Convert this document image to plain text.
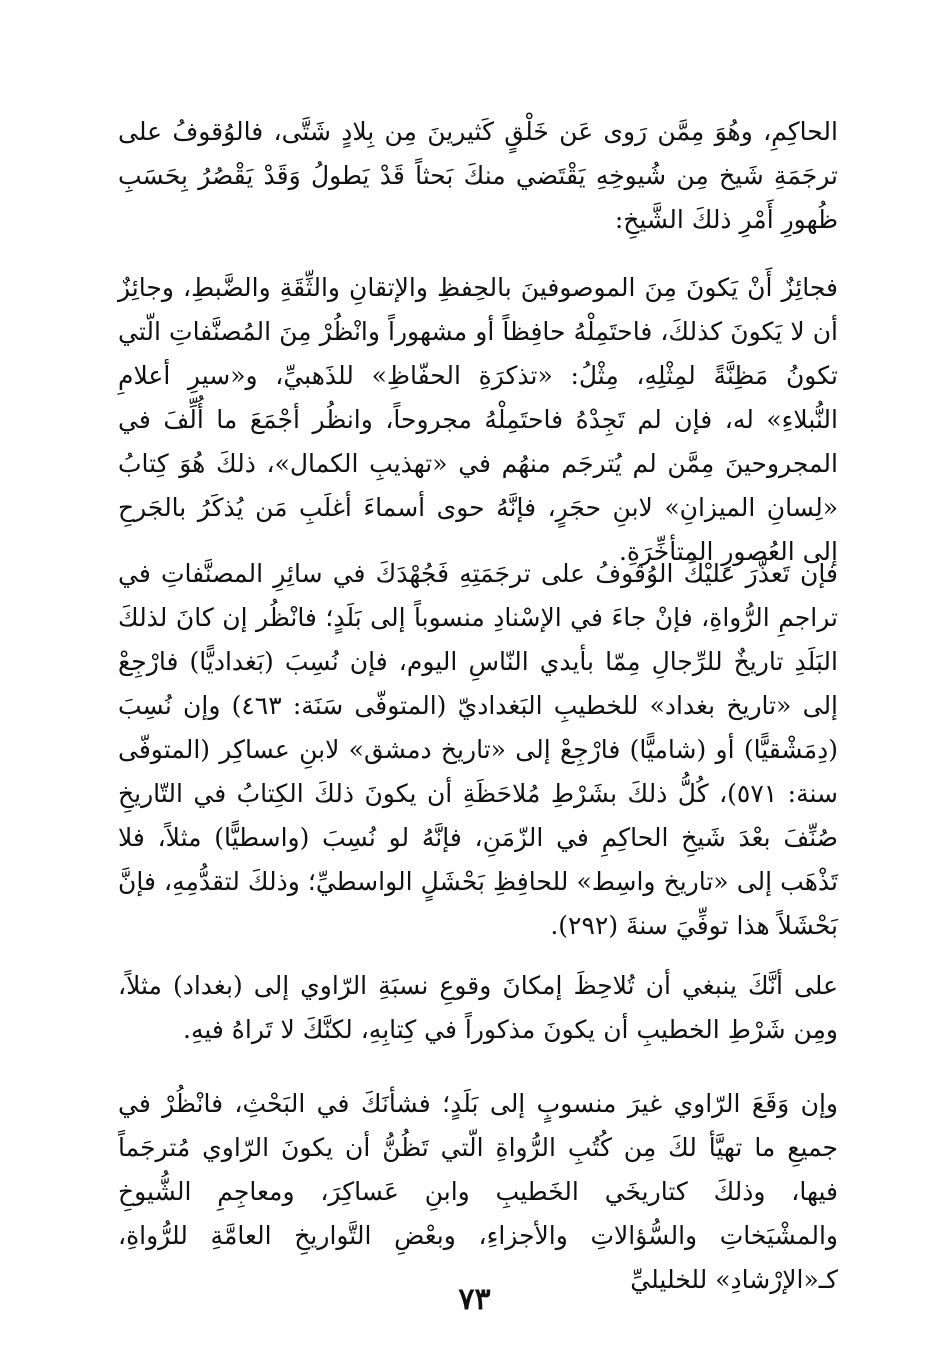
الحاكِمِ، وهُوَ مِمَّن رَوى عَن خَلْقٍ كَثيرينَ مِن بِلادٍ شَتَّى، فالوُقوفُ على ترجَمَةِ شَيخ مِن شُيوخِهِ يَقْتَضي منكَ بَحثاً قَدْ يَطولُ وَقَدْ يَقْصُرُ بِحَسَبِ ظُهورِ أَمْرِ ذلكَ الشَّيخِ:

فجائِزٌ أَنْ يَكونَ مِنَ الموصوفينَ بالحِفظِ والإتقانِ والثِّقَةِ والضَّبطِ، وجائِزٌ أن لا يَكونَ كذلكَ، فاحتَمِلْهُ حافِظاً أو مشهوراً وانْظُرْ مِنَ المُصنَّفاتِ الّتي تكونُ مَظِنَّةً لمِثْلِهِ، مِثْلُ: «تذكرَةِ الحفّاظِ» للذَهبيِّ، و«سيرِ أعلامِ النُّبلاءِ» له، فإن لم تَجِدْهُ فاحتَمِلْهُ مجروحاً، وانظُر أجْمَعَ ما أُلِّفَ في المجروحينَ مِمَّن لم يُترجَم منهُم في «تهذيبِ الكمال»، ذلكَ هُوَ كِتابُ «لِسانِ الميزانِ» لابنِ حجَرٍ، فإنَّهُ حوى أسماءَ أغلَبِ مَن يُذكَرُ بالجَرحِ إلى العُصورِ المتأخِّرَةِ.

فإن تَعذَّرَ عليْكَ الوُقوفُ على ترجَمَتِهِ فَجُهْدَكَ في سائِرِ المصنَّفاتِ في تراجمِ الرُّواةِ، فإنْ جاءَ في الإسْنادِ منسوباً إلى بَلَدٍ؛ فانْظُر إن كانَ لذلكَ البَلَدِ تاريخٌ للرِّجالِ مِمّا بأيدي النّاسِ اليوم، فإن نُسِبَ (بَغداديًّا) فارْجِعْ إلى «تاريخ بغداد» للخطيبِ البَغداديّ (المتوفّى سَنَة: ٤٦٣) وإن نُسِبَ (دِمَشْقيًّا) أو (شاميًّا) فارْجِعْ إلى «تاريخ دمشق» لابنِ عساكِر (المتوفّى سنة: ٥٧١)، كُلُّ ذلكَ بشَرْطِ مُلاحَظَةِ أن يكونَ ذلكَ الكِتابُ في التّاريخِ صُنِّفَ بعْدَ شَيخِ الحاكِمِ في الزّمَنِ، فإنَّهُ لو نُسِبَ (واسطيًّا) مثلاً، فلا تَذْهَب إلى «تاريخ واسِط» للحافِظِ بَحْشَلٍ الواسطيِّ؛ وذلكَ لتقدُّمِهِ، فإنَّ بَحْشَلاً هذا توفِّيَ سنةَ (٢٩٢).

على أنَّكَ ينبغي أن تُلاحِظَ إمكانَ وقوعِ نسبَةِ الرّاوي إلى (بغداد) مثلاً، ومِن شَرْطِ الخطيبِ أن يكونَ مذكوراً في كِتابِهِ، لكنَّكَ لا تَراهُ فيهِ.

وإن وَقَعَ الرّاوي غيرَ منسوبٍ إلى بَلَدٍ؛ فشأنَكَ في البَحْثِ، فانْظُرْ في جميعِ ما تهيَّأ لكَ مِن كُتُبِ الرُّواةِ الّتي تَظُنُّ أن يكونَ الرّاوي مُترجَماً فيها، وذلكَ كتاريخَي الخَطيبِ وابنِ عَساكِرَ، ومعاجِمِ الشُّيوخِ والمشْيَخاتِ والسُّؤالاتِ والأجزاءِ، وبعْضِ التَّواريخِ العامَّةِ للرُّواةِ، كـ«الإرْشادِ» للخليليِّ

٧٣
